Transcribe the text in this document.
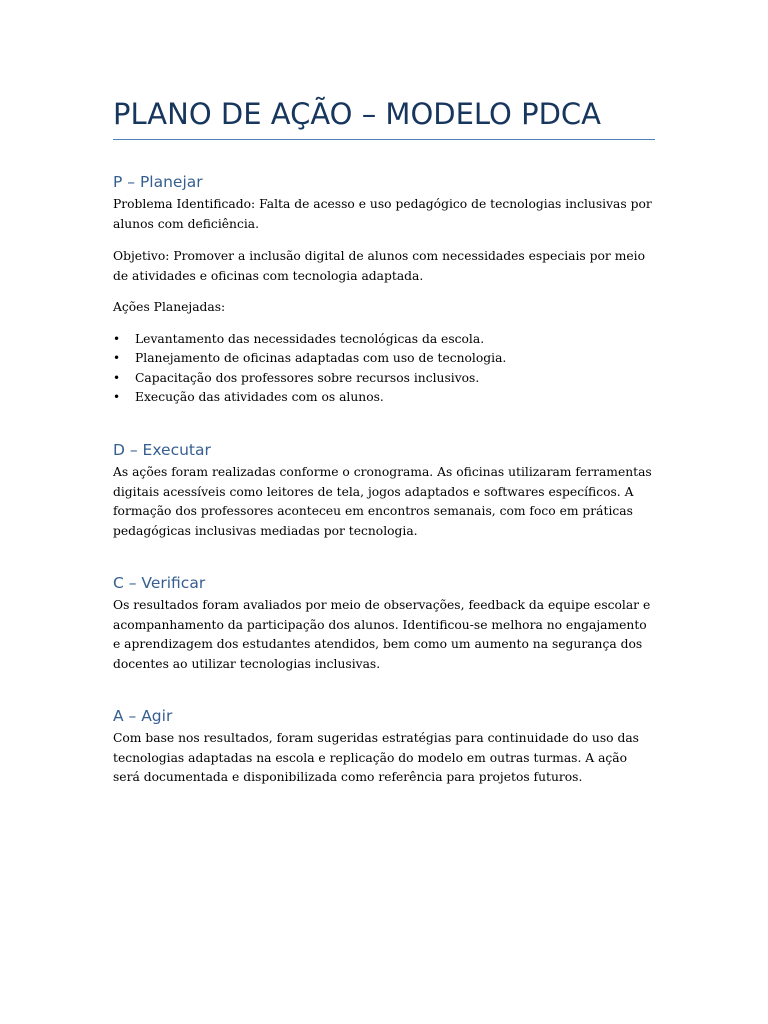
PLANO DE AÇÃO – MODELO PDCA
P – Planejar
Problema Identificado: Falta de acesso e uso pedagógico de tecnologias inclusivas por alunos com deficiência.
Objetivo: Promover a inclusão digital de alunos com necessidades especiais por meio de atividades e oficinas com tecnologia adaptada.
Ações Planejadas:
• Levantamento das necessidades tecnológicas da escola.
• Planejamento de oficinas adaptadas com uso de tecnologia.
• Capacitação dos professores sobre recursos inclusivos.
• Execução das atividades com os alunos.
D – Executar
As ações foram realizadas conforme o cronograma. As oficinas utilizaram ferramentas digitais acessíveis como leitores de tela, jogos adaptados e softwares específicos. A formação dos professores aconteceu em encontros semanais, com foco em práticas pedagógicas inclusivas mediadas por tecnologia.
C – Verificar
Os resultados foram avaliados por meio de observações, feedback da equipe escolar e acompanhamento da participação dos alunos. Identificou-se melhora no engajamento e aprendizagem dos estudantes atendidos, bem como um aumento na segurança dos docentes ao utilizar tecnologias inclusivas.
A – Agir
Com base nos resultados, foram sugeridas estratégias para continuidade do uso das tecnologias adaptadas na escola e replicação do modelo em outras turmas. A ação será documentada e disponibilizada como referência para projetos futuros.
